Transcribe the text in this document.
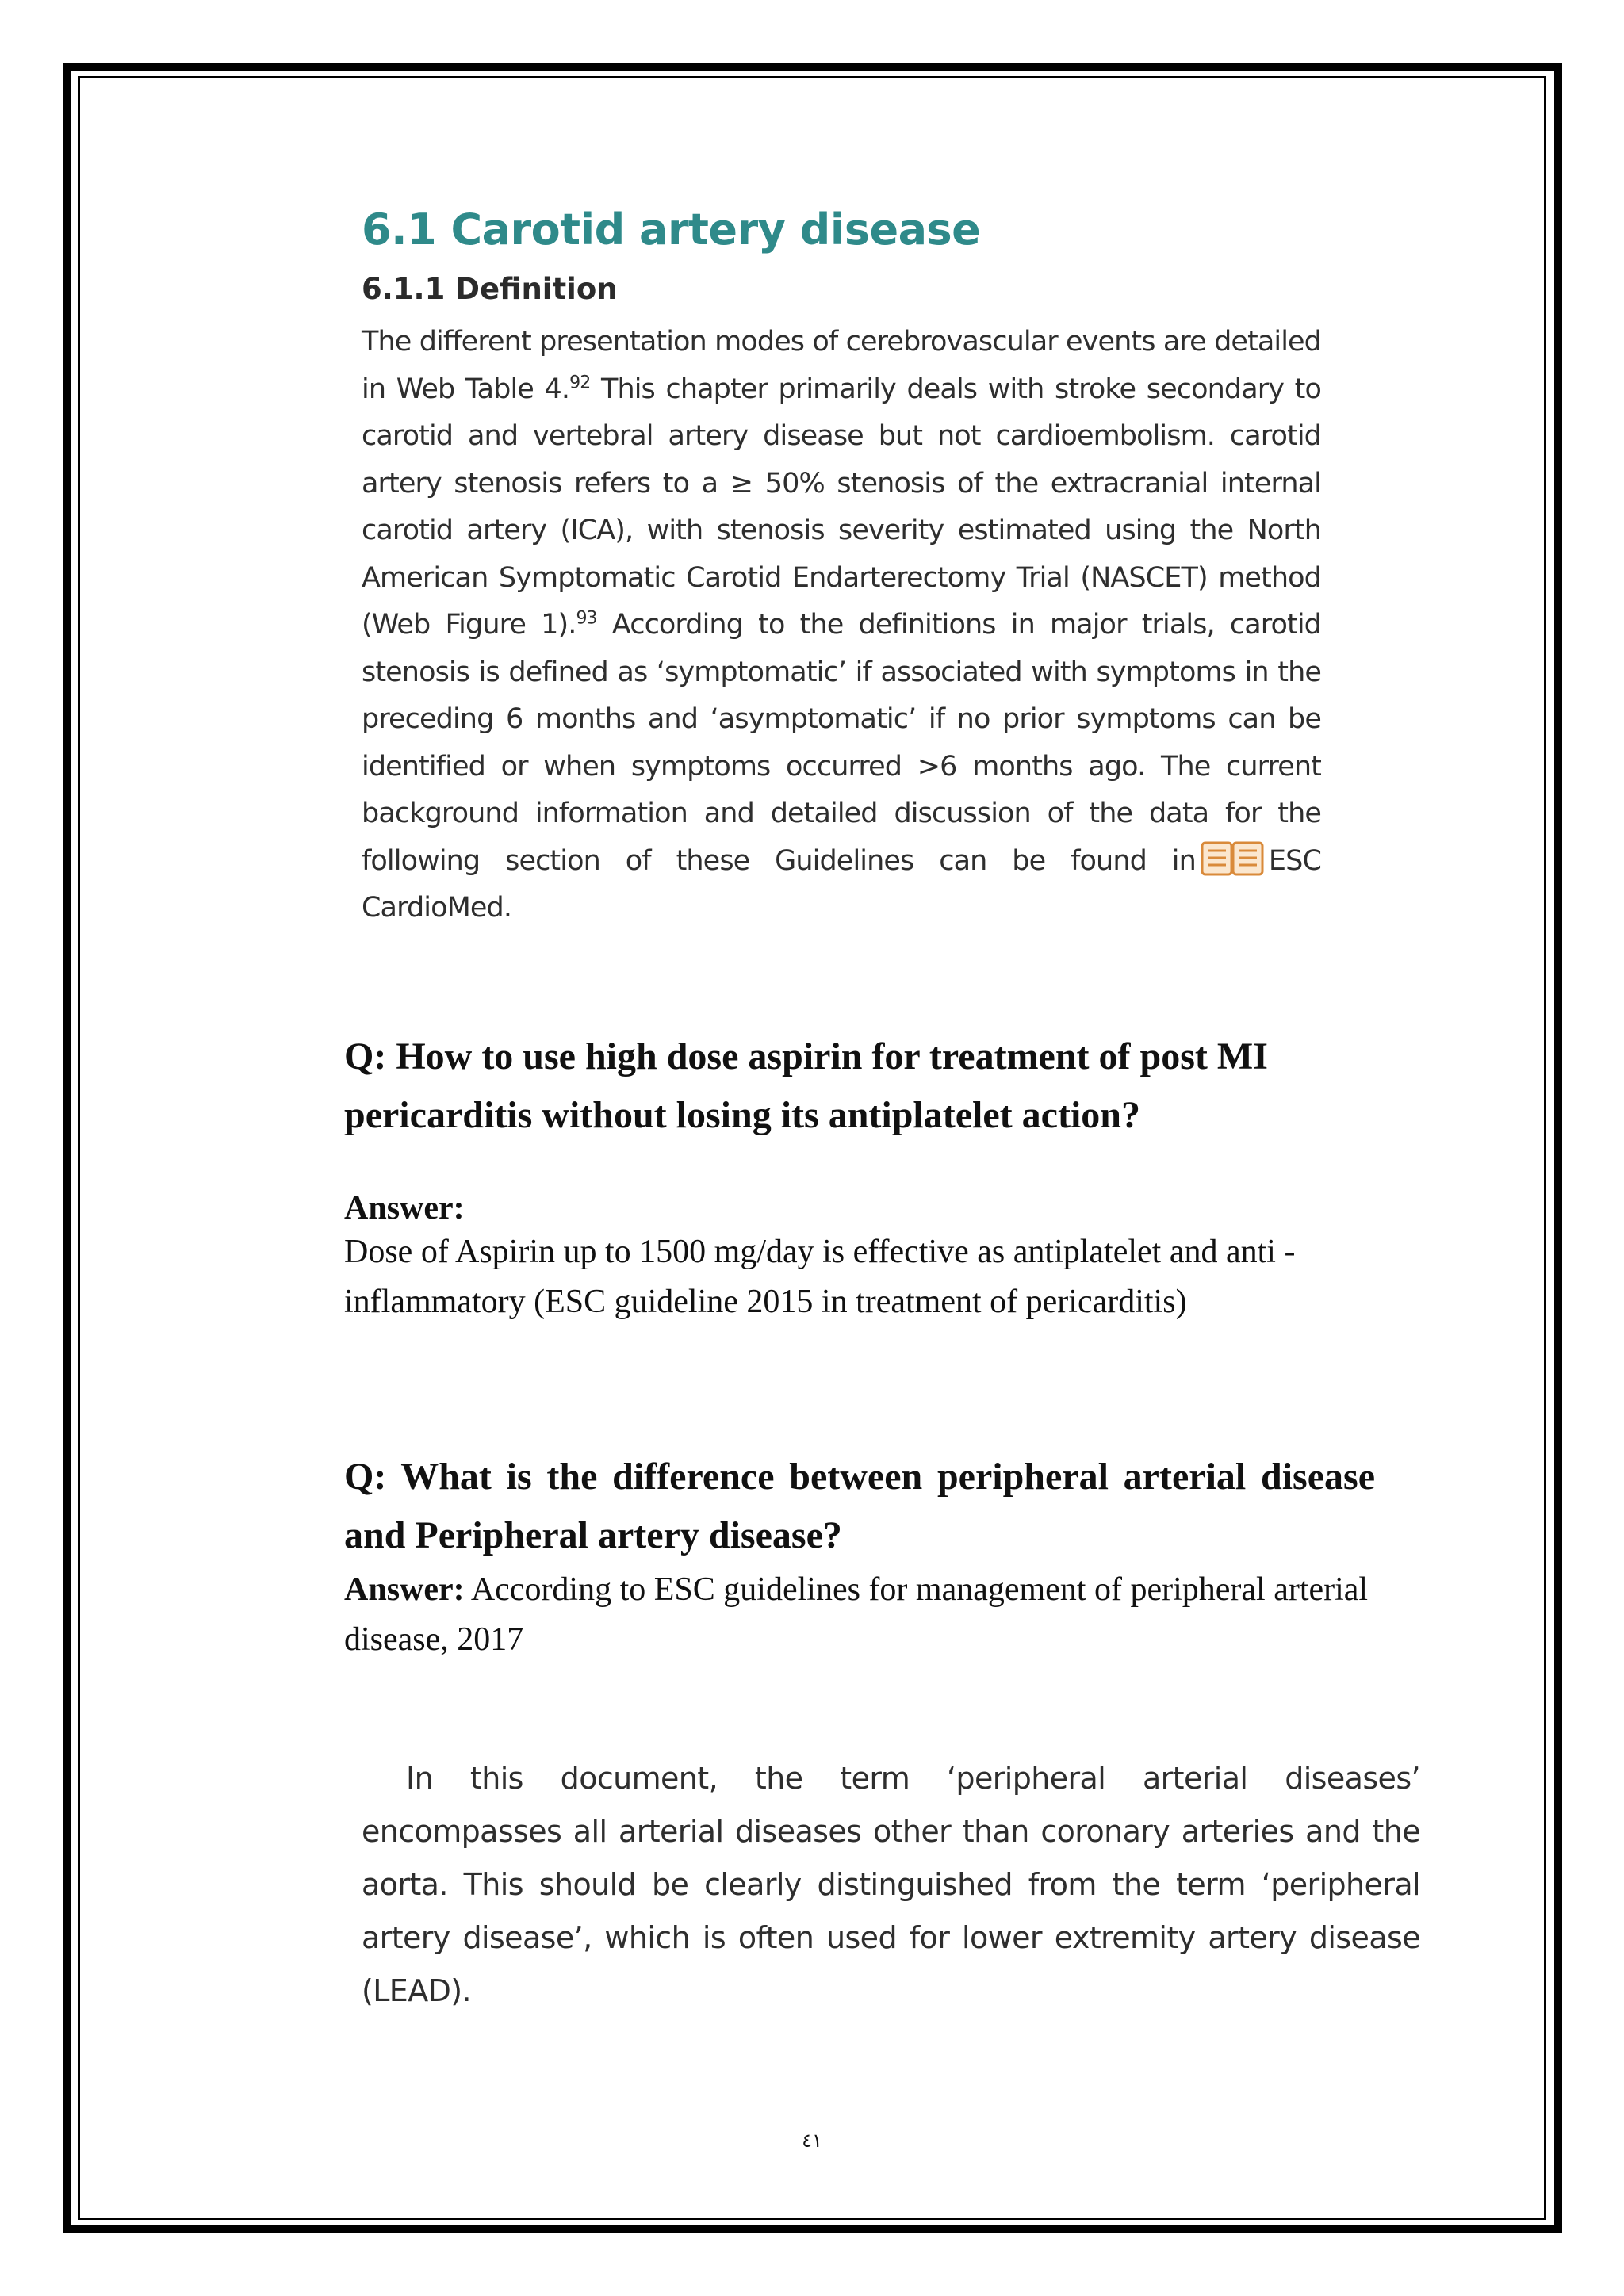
6.1 Carotid artery disease
6.1.1 Definition

The different presentation modes of cerebrovascular events are detailed in Web Table 4.92 This chapter primarily deals with stroke secondary to carotid and vertebral artery disease but not cardioembolism. carotid artery stenosis refers to a ≥ 50% stenosis of the extracranial internal carotid artery (ICA), with stenosis severity estimated using the North American Symptomatic Carotid Endarterectomy Trial (NASCET) method (Web Figure 1).$^{93}$ According to the definitions in major trials, carotid stenosis is defined as ‘symptomatic’ if associated with symptoms in the preceding 6 months and ‘asymptomatic’ if no prior symptoms can be identified or when symptoms occurred >6 months ago. The current background information and detailed discussion of the data for the following section of these Guidelines can be found in	ESC CardioMed.

Q: How to use high dose aspirin for treatment of post MI pericarditis without losing its antiplatelet action?

Answer:

Dose of Aspirin up to 1500 mg/day is effective as antiplatelet and anti -inflammatory (ESC guideline 2015 in treatment of pericarditis)

Q: What is the difference between peripheral arterial disease and Peripheral artery disease?

Answer: According to ESC guidelines for management of peripheral arterial disease, 2017

In this document, the term ‘peripheral arterial diseases’ encompasses all arterial diseases other than coronary arteries and the aorta. This should be clearly distinguished from the term ‘peripheral artery disease’, which is often used for lower extremity artery disease (LEAD).

٤١
